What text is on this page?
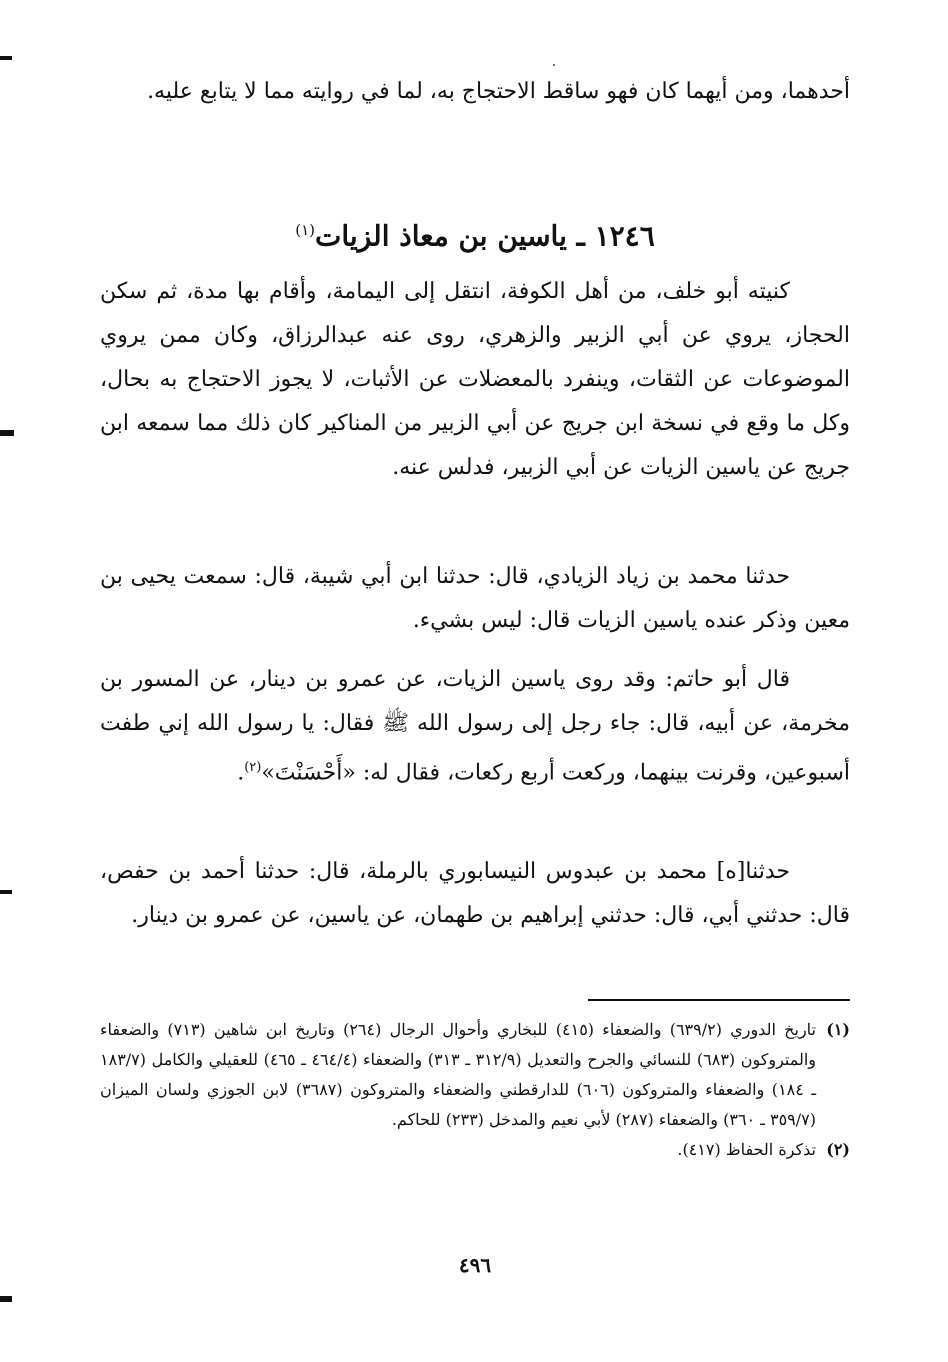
أحدهما، ومن أيهما كان فهو ساقط الاحتجاج به، لما في روايته مما لا يتابع عليه.

١٢٤٦ ـ ياسين بن معاذ الزيات$^{(١)}$

كنيته أبو خلف، من أهل الكوفة، انتقل إلى اليمامة، وأقام بها مدة، ثم سكن الحجاز، يروي عن أبي الزبير والزهري، روى عنه عبدالرزاق، وكان ممن يروي الموضوعات عن الثقات، وينفرد بالمعضلات عن الأثبات، لا يجوز الاحتجاج به بحال، وكل ما وقع في نسخة ابن جريج عن أبي الزبير من المناكير كان ذلك مما سمعه ابن جريج عن ياسين الزيات عن أبي الزبير، فدلس عنه.

حدثنا محمد بن زياد الزيادي، قال: حدثنا ابن أبي شيبة، قال: سمعت يحيى بن معين وذكر عنده ياسين الزيات قال: ليس بشيء.

قال أبو حاتم: وقد روى ياسين الزيات، عن عمرو بن دينار، عن المسور بن مخرمة، عن أبيه، قال: جاء رجل إلى رسول الله ﷺ فقال: يا رسول الله إني طفت أسبوعين، وقرنت بينهما، وركعت أربع ركعات، فقال له: «أَحْسَنْتَ»$^{(٢)}$.

حدثنا[ه] محمد بن عبدوس النيسابوري بالرملة، قال: حدثنا أحمد بن حفص، قال: حدثني أبي، قال: حدثني إبراهيم بن طهمان، عن ياسين، عن عمرو بن دينار.

(١)
تاريخ الدوري (٦٣٩/٢) والضعفاء (٤١٥) للبخاري وأحوال الرجال (٢٦٤) وتاريخ ابن شاهين (٧١٣) والضعفاء والمتروكون (٦٨٣) للنسائي والجرح والتعديل (٣١٢/٩ ـ ٣١٣) والضعفاء (٤٦٤/٤ ـ ٤٦٥) للعقيلي والكامل (١٨٣/٧ ـ ١٨٤) والضعفاء والمتروكون (٦٠٦) للدارقطني والضعفاء والمتروكون (٣٦٨٧) لابن الجوزي ولسان الميزان (٣٥٩/٧ ـ ٣٦٠) والضعفاء (٢٨٧) لأبي نعيم والمدخل (٢٣٣) للحاكم.
(٢)
تذكرة الحفاظ (٤١٧).
٤٩٦
